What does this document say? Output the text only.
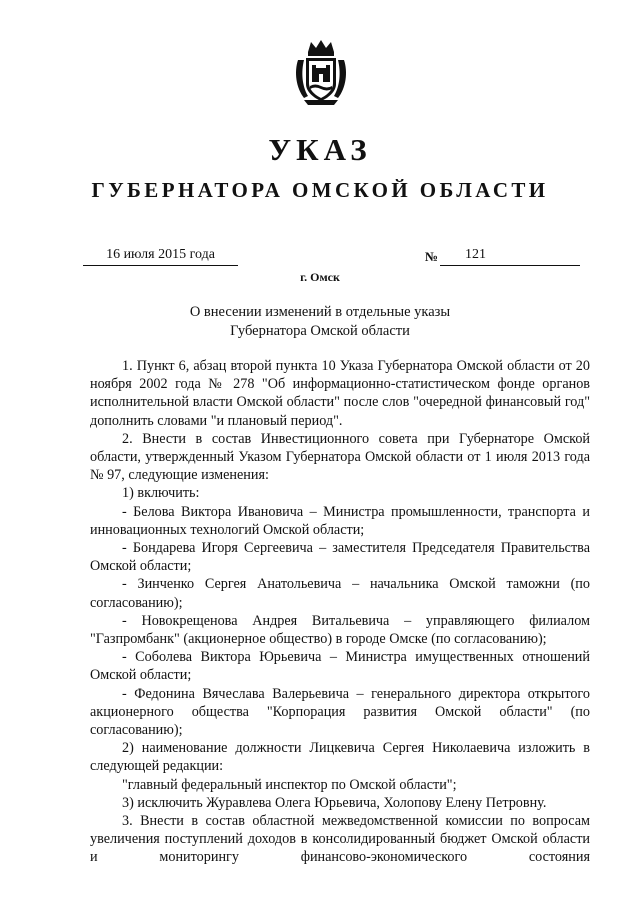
УКАЗ
ГУБЕРНАТОРА ОМСКОЙ ОБЛАСТИ
16 июля 2015 года	№ 121
г. Омск
О внесении изменений в отдельные указы
Губернатора Омской области

1. Пункт 6, абзац второй пункта 10 Указа Губернатора Омской области от 20 ноября 2002 года № 278 "Об информационно-статистическом фонде органов исполнительной власти Омской области" после слов "очередной финансовый год" дополнить словами "и плановый период".

2. Внести в состав Инвестиционного совета при Губернаторе Омской области, утвержденный Указом Губернатора Омской области от 1 июля 2013 года № 97, следующие изменения:

1) включить:

- Белова Виктора Ивановича – Министра промышленности, транспорта и инновационных технологий Омской области;

- Бондарева Игоря Сергеевича – заместителя Председателя Правительства Омской области;

- Зинченко Сергея Анатольевича – начальника Омской таможни (по согласованию);

- Новокрещенова Андрея Витальевича – управляющего филиалом "Газпромбанк" (акционерное общество) в городе Омске (по согласованию);

- Соболева Виктора Юрьевича – Министра имущественных отношений Омской области;

- Федонина Вячеслава Валерьевича – генерального директора открытого акционерного общества "Корпорация развития Омской области" (по согласованию);

2) наименование должности Лицкевича Сергея Николаевича изложить в следующей редакции:

"главный федеральный инспектор по Омской области";

3) исключить Журавлева Олега Юрьевича, Холопову Елену Петровну.

3. Внести в состав областной межведомственной комиссии по вопросам увеличения поступлений доходов в консолидированный бюджет Омской области и мониторингу финансово-экономического состояния
